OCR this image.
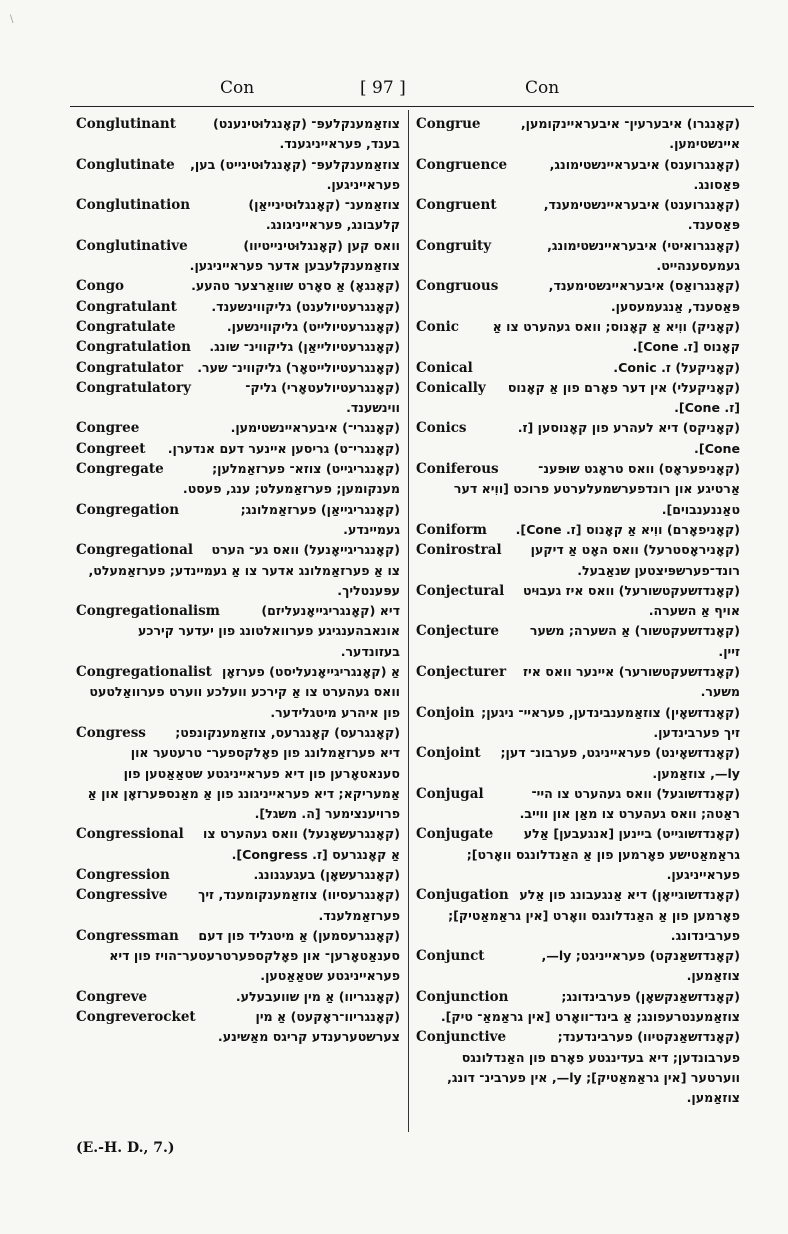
\
Con	[ 97 ]	Con
Conglutinant	צוזאַמענקלעפּ־ (קאָנגלוּטינענט) בענד, פעראייניגענד.
Conglutinate	צוזאַמענקלעפּ־ (קאָנגלוּטינייט) בען, פעראייניגען.
Conglutination	צוזאַמענ־ (קאָנגלוּטינייאַן) קלעבונג, פעראייניגונג.
Conglutinative	וואס קען (קאָנגלוּטינייטיוו) צוזאַמענקלעבען אדער פעראייניגען.
Congo	(קאָנגאָ) אַ סאָרט שוואַרצער טהעע.
Congratulant	(קאָנגרעטיולענט) גליקווינשענד.
Congratulate	(קאָנגרעטיולייט) גליקווינשען.
Congratulation	(קאָנגרעטיולייאַן) גליקווינ־ שונג.
Congratulator	(קאָנגרעטיולייטאָר) גליקווינ־ שער.
Congratulatory	(קאָנגרעטיולעטאָרי) גליק־ ווינשענד.
Congree	(קאָנגרי־) איבעראיינשטימען.
Congreet	(קאָנגרי־ט) גריסען איינער דעם אנדערן.
Congregate	(קאָנגריגייט) צוזא־ פערזאַמלען; מענקומען; פערזאַמעלט; ענג, פעסט.
Congregation	(קאָנגריגייאַן) פערזאַמלונג; געמיינדע.
Congregational	(קאָנגריגייאָנעל) וואס גע־ הערט צו אַ פערזאַמלונג אדער צו אַ געמיינדע; פערזאַמעלט, עפּענטליך.
Congregationalism	דיא (קאָנגריגייאָנעליזם) אונאבהענגיגע פערוואלטונג פון יעדער קירכע בעזונדער.
Congregationalist אַ (קאָנגריגייאָנעליסט) פערזאָן וואס געהערט צו אַ קירכע וועלכע ווערט פערוואַלטעט פון איהרע מיטגלידער.
Congress	(קאָנגרעס) קאָנגרעס, צוזאַמענקונפט; דיא פערזאַמלונג פון פאָלקספער־ טרעטער און סענאטאָרען פון דיא פעראייניגטע שטאַאַטען פון אַמעריקא; דיא פעראייניגונג פון אַ מאַנספּערזאָן און אַ פרויענצימער [ה. משגל].
Congressional	(קאָנגרעשאָנעל) וואס געהערט צו אַ קאָנגרעס [ז. Congress].
Congression	(קאָנגרעשאָן) בעגעגנונג.
Congressive	(קאָנגרעסיוו) צוזאַמענקומענד, זיך פערזאַמלענד.
Congressman	(קאָנגרעסמען) אַ מיטגליד פון דעם סענאַטאָרען־ און פאָלקספערטרעטער־הויז פון דיא פעראייניגטע שטאַאַטען.
Congreve	(קאָנגריוו) אַ מין שוועבעלע.
Congreverocket	(קאָנגריוו־ראָקעט) אַ מין צערשטערענדע קריגס מאַשינע.
Congrue	(קאָנגרו) איבערעין־ איבעראיינקומען, איינשטימען.
Congruence	(קאָנגרוענס) איבעראיינשטימונג, פּאַסונג.
Congruent	(קאָנגרוענט) איבעראיינשטימענד, פּאַסענד.
Congruity	(קאָנגרואיטי) איבעראיינשטימונג, געמעסענהייט.
Congruous	(קאָנגרואַס) איבעראיינשטימענד, פּאַסענד, אַנגעמעסען.
Conic	(קאָניק) ווִיא אַ קאָנוס; וואס געהערט צו אַ קאָנוס [ז. Cone].
Conical	(קאָניקעל) ז. Conic.
Conically	(קאָניקעלי) אין דער פאָרם פון אַ קאָנוס [ז. Cone].
Conics	(קאָניקס) דיא לעהרע פון קאָנוסען [ז. Cone].
Coniferous	(קאָניפעראָס) וואס טראָגט שוּפּענ־ אַרטיגע און רונדפערשמעלערטע פרוכט [ווִיא דער טאַננענבוים].
Coniform	(קאָניפאָרם) ווִיא אַ קאָנוס [ז. Cone].
Conirostral	(קאָניראָסטרעל) וואס האָט אַ דיקען רונד־פערשפּיצטען שנאַבעל.
Conjectural	(קאָנדזשעקטשורעל) וואס איז געבוּיט אויף אַ השערה.
Conjecture	(קאָנדזשעקטשור) אַ השערה; משער זיין.
Conjecturer	(קאָנדזשעקטשורער) איינער וואס איז משער.
Conjoin (קאָנדזשאָין) צוזאַמענבינדען, פעראיי־ ניגען; זיך פערבינדען.
Conjoint	(קאָנדזשאָינט) פעראייניגט, פערבונ־ דען; ly—, צוזאַמען.
Conjugal	(קאָנדזשוגעל) וואס געהערט צו היי־ ראַטה; וואס געהערט צו מאַן און ווייב.
Conjugate	(קאָנדזשוגייט) ביינען [אנגעבען] אַלע גראַמאַטישע פאָרמען פון אַ האַנדלונגס וואָרט]; פעראייניגען.
Conjugation (קאָנדזשוגייאָן) דיא אַנגעבונג פון אַלע פאָרמען פון אַ האַנדלונגס וואָרט [אין גראַמאַטיק]; פערבינדונג.
Conjunct	(קאָנדזשאַנקט) פעראייניגט; ly—, צוזאַמען.
Conjunction	(קאָנדזשאַנקשאָן) פערבינדונג; צוזאַמענטרעפונג; אַ בינד־וואָרט [אין גראַמאַ־ טיק].
Conjunctive	(קאָנדזשאַנקטיוו) פערבינדענד; פערבונדען; דיא בעדינגטע פאָרם פון האַנדלונגס ווערטער [אין גראַמאַטיק]; ly—, אין פערבינ־ דונג, צוזאַמען.
(E.-H. D., 7.)
